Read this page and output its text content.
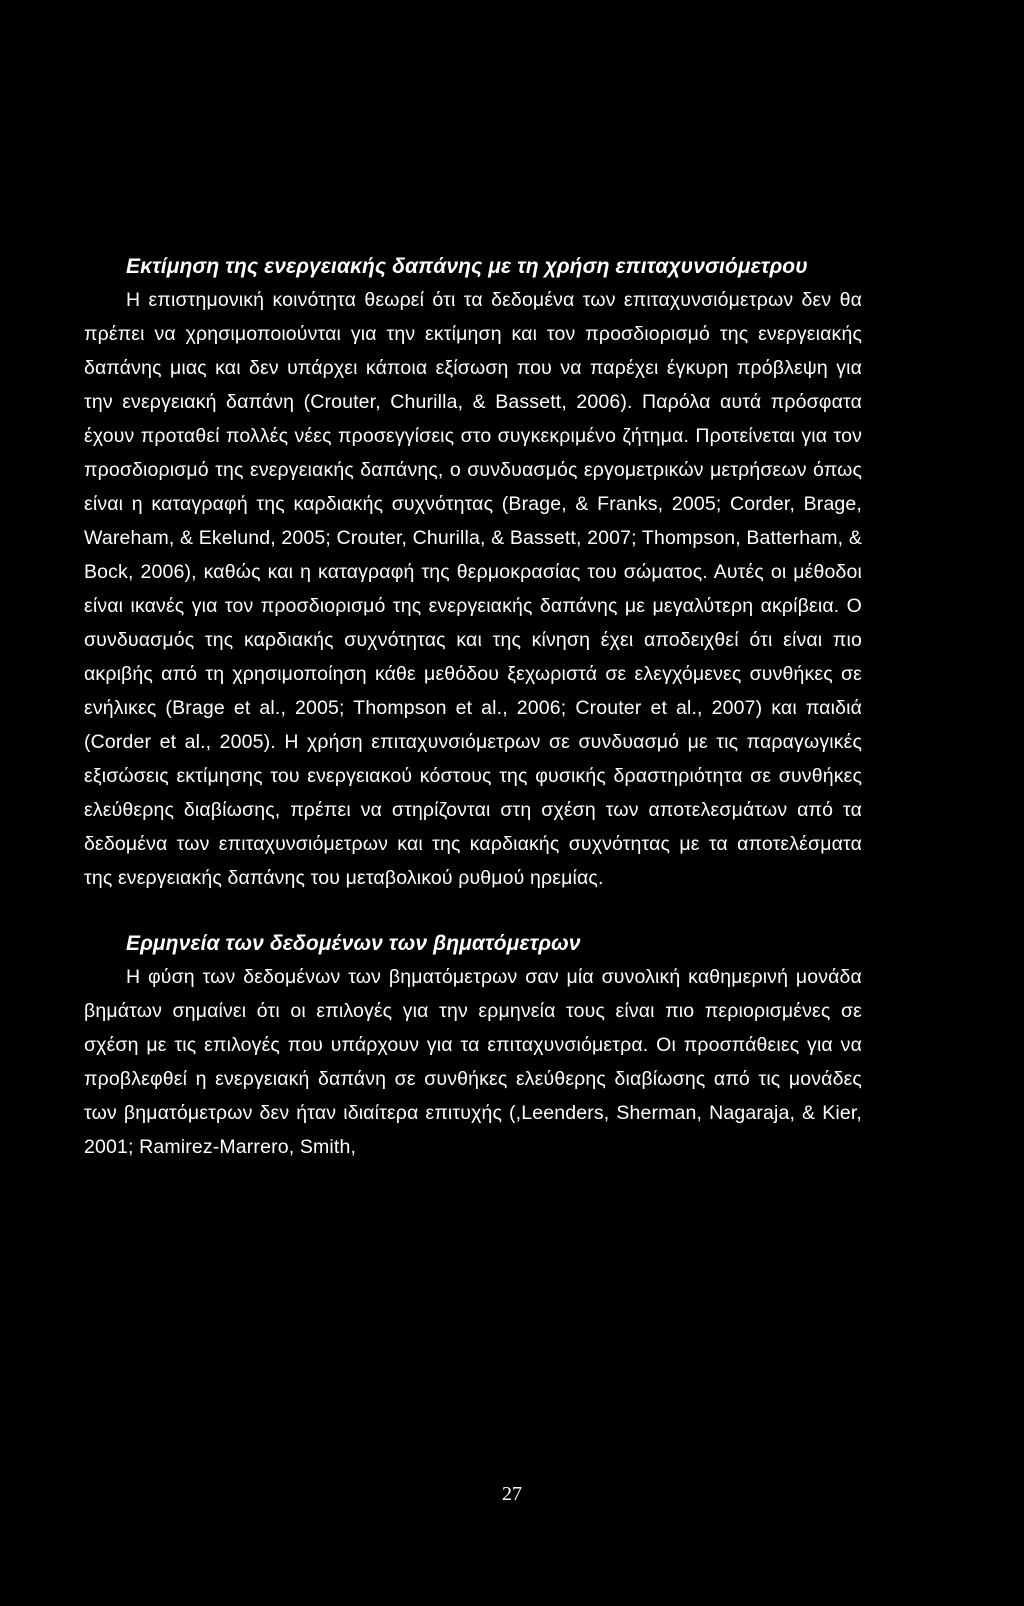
Εκτίμηση της ενεργειακής δαπάνης με τη χρήση επιταχυνσιόμετρου

Η επιστημονική κοινότητα θεωρεί ότι τα δεδομένα των επιταχυνσιόμετρων δεν θα πρέπει να χρησιμοποιούνται για την εκτίμηση και τον προσδιορισμό της ενεργειακής δαπάνης μιας και δεν υπάρχει κάποια εξίσωση που να παρέχει έγκυρη πρόβλεψη για την ενεργειακή δαπάνη (Crouter, Churilla, & Bassett, 2006). Παρόλα αυτά πρόσφατα έχουν προταθεί πολλές νέες προσεγγίσεις στο συγκεκριμένο ζήτημα. Προτείνεται για τον προσδιορισμό της ενεργειακής δαπάνης, ο συνδυασμός εργομετρικών μετρήσεων όπως είναι η καταγραφή της καρδιακής συχνότητας (Brage, & Franks, 2005; Corder, Brage, Wareham, & Ekelund, 2005; Crouter, Churilla, & Bassett, 2007; Thompson, Batterham, & Bock, 2006), καθώς και η καταγραφή της θερμοκρασίας του σώματος. Αυτές οι μέθοδοι είναι ικανές για τον προσδιορισμό της ενεργειακής δαπάνης με μεγαλύτερη ακρίβεια. Ο συνδυασμός της καρδιακής συχνότητας και της κίνηση έχει αποδειχθεί ότι είναι πιο ακριβής από τη χρησιμοποίηση κάθε μεθόδου ξεχωριστά σε ελεγχόμενες συνθήκες σε ενήλικες (Brage et al., 2005; Thompson et al., 2006; Crouter et al., 2007) και παιδιά (Corder et al., 2005). Η χρήση επιταχυνσιόμετρων σε συνδυασμό με τις παραγωγικές εξισώσεις εκτίμησης του ενεργειακού κόστους της φυσικής δραστηριότητα σε συνθήκες ελεύθερης διαβίωσης, πρέπει να στηρίζονται στη σχέση των αποτελεσμάτων από τα δεδομένα των επιταχυνσιόμετρων και της καρδιακής συχνότητας με τα αποτελέσματα της ενεργειακής δαπάνης του μεταβολικού ρυθμού ηρεμίας.

Ερμηνεία των δεδομένων των βηματόμετρων

Η φύση των δεδομένων των βηματόμετρων σαν μία συνολική καθημερινή μονάδα βημάτων σημαίνει ότι οι επιλογές για την ερμηνεία τους είναι πιο περιορισμένες σε σχέση με τις επιλογές που υπάρχουν για τα επιταχυνσιόμετρα. Οι προσπάθειες για να προβλεφθεί η ενεργειακή δαπάνη σε συνθήκες ελεύθερης διαβίωσης από τις μονάδες των βηματόμετρων δεν ήταν ιδιαίτερα επιτυχής (,Leenders, Sherman, Nagaraja, & Kier, 2001; Ramirez-Marrero, Smith,

27
